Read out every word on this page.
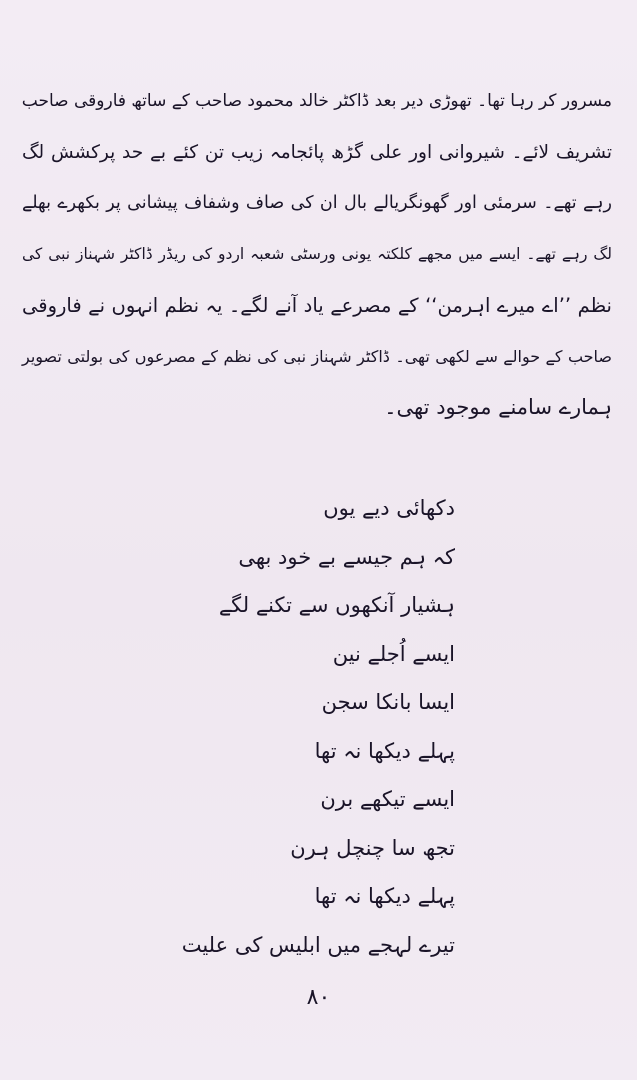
مسرور کر رہا تھا۔ تھوڑی دیر بعد ڈاکٹر خالد محمود صاحب کے ساتھ فاروقی صاحب
تشریف لائے۔ شیروانی اور علی گڑھ پائجامہ زیب تن کئے بے حد پرکشش لگ
رہے تھے۔ سرمئی اور گھونگریالے بال ان کی صاف وشفاف پیشانی پر بکھرے بھلے
لگ رہے تھے۔ ایسے میں مجھے کلکتہ یونی ورسٹی شعبہ اردو کی ریڈر ڈاکٹر شہناز نبی کی
نظم ’’اے میرے اہرمن‘‘ کے مصرعے یاد آنے لگے۔ یہ نظم انہوں نے فاروقی
صاحب کے حوالے سے لکھی تھی۔ ڈاکٹر شہناز نبی کی نظم کے مصرعوں کی بولتی تصویر
ہمارے سامنے موجود تھی۔
دکھائی دیے یوں
کہ ہم جیسے بے خود بھی
ہشیار آنکھوں سے تکنے لگے
ایسے اُجلے نین
ایسا بانکا سجن
پہلے دیکھا نہ تھا
ایسے تیکھے برن
تجھ سا چنچل ہرن
پہلے دیکھا نہ تھا
تیرے لہجے میں ابلیس کی علیت
۸۰
